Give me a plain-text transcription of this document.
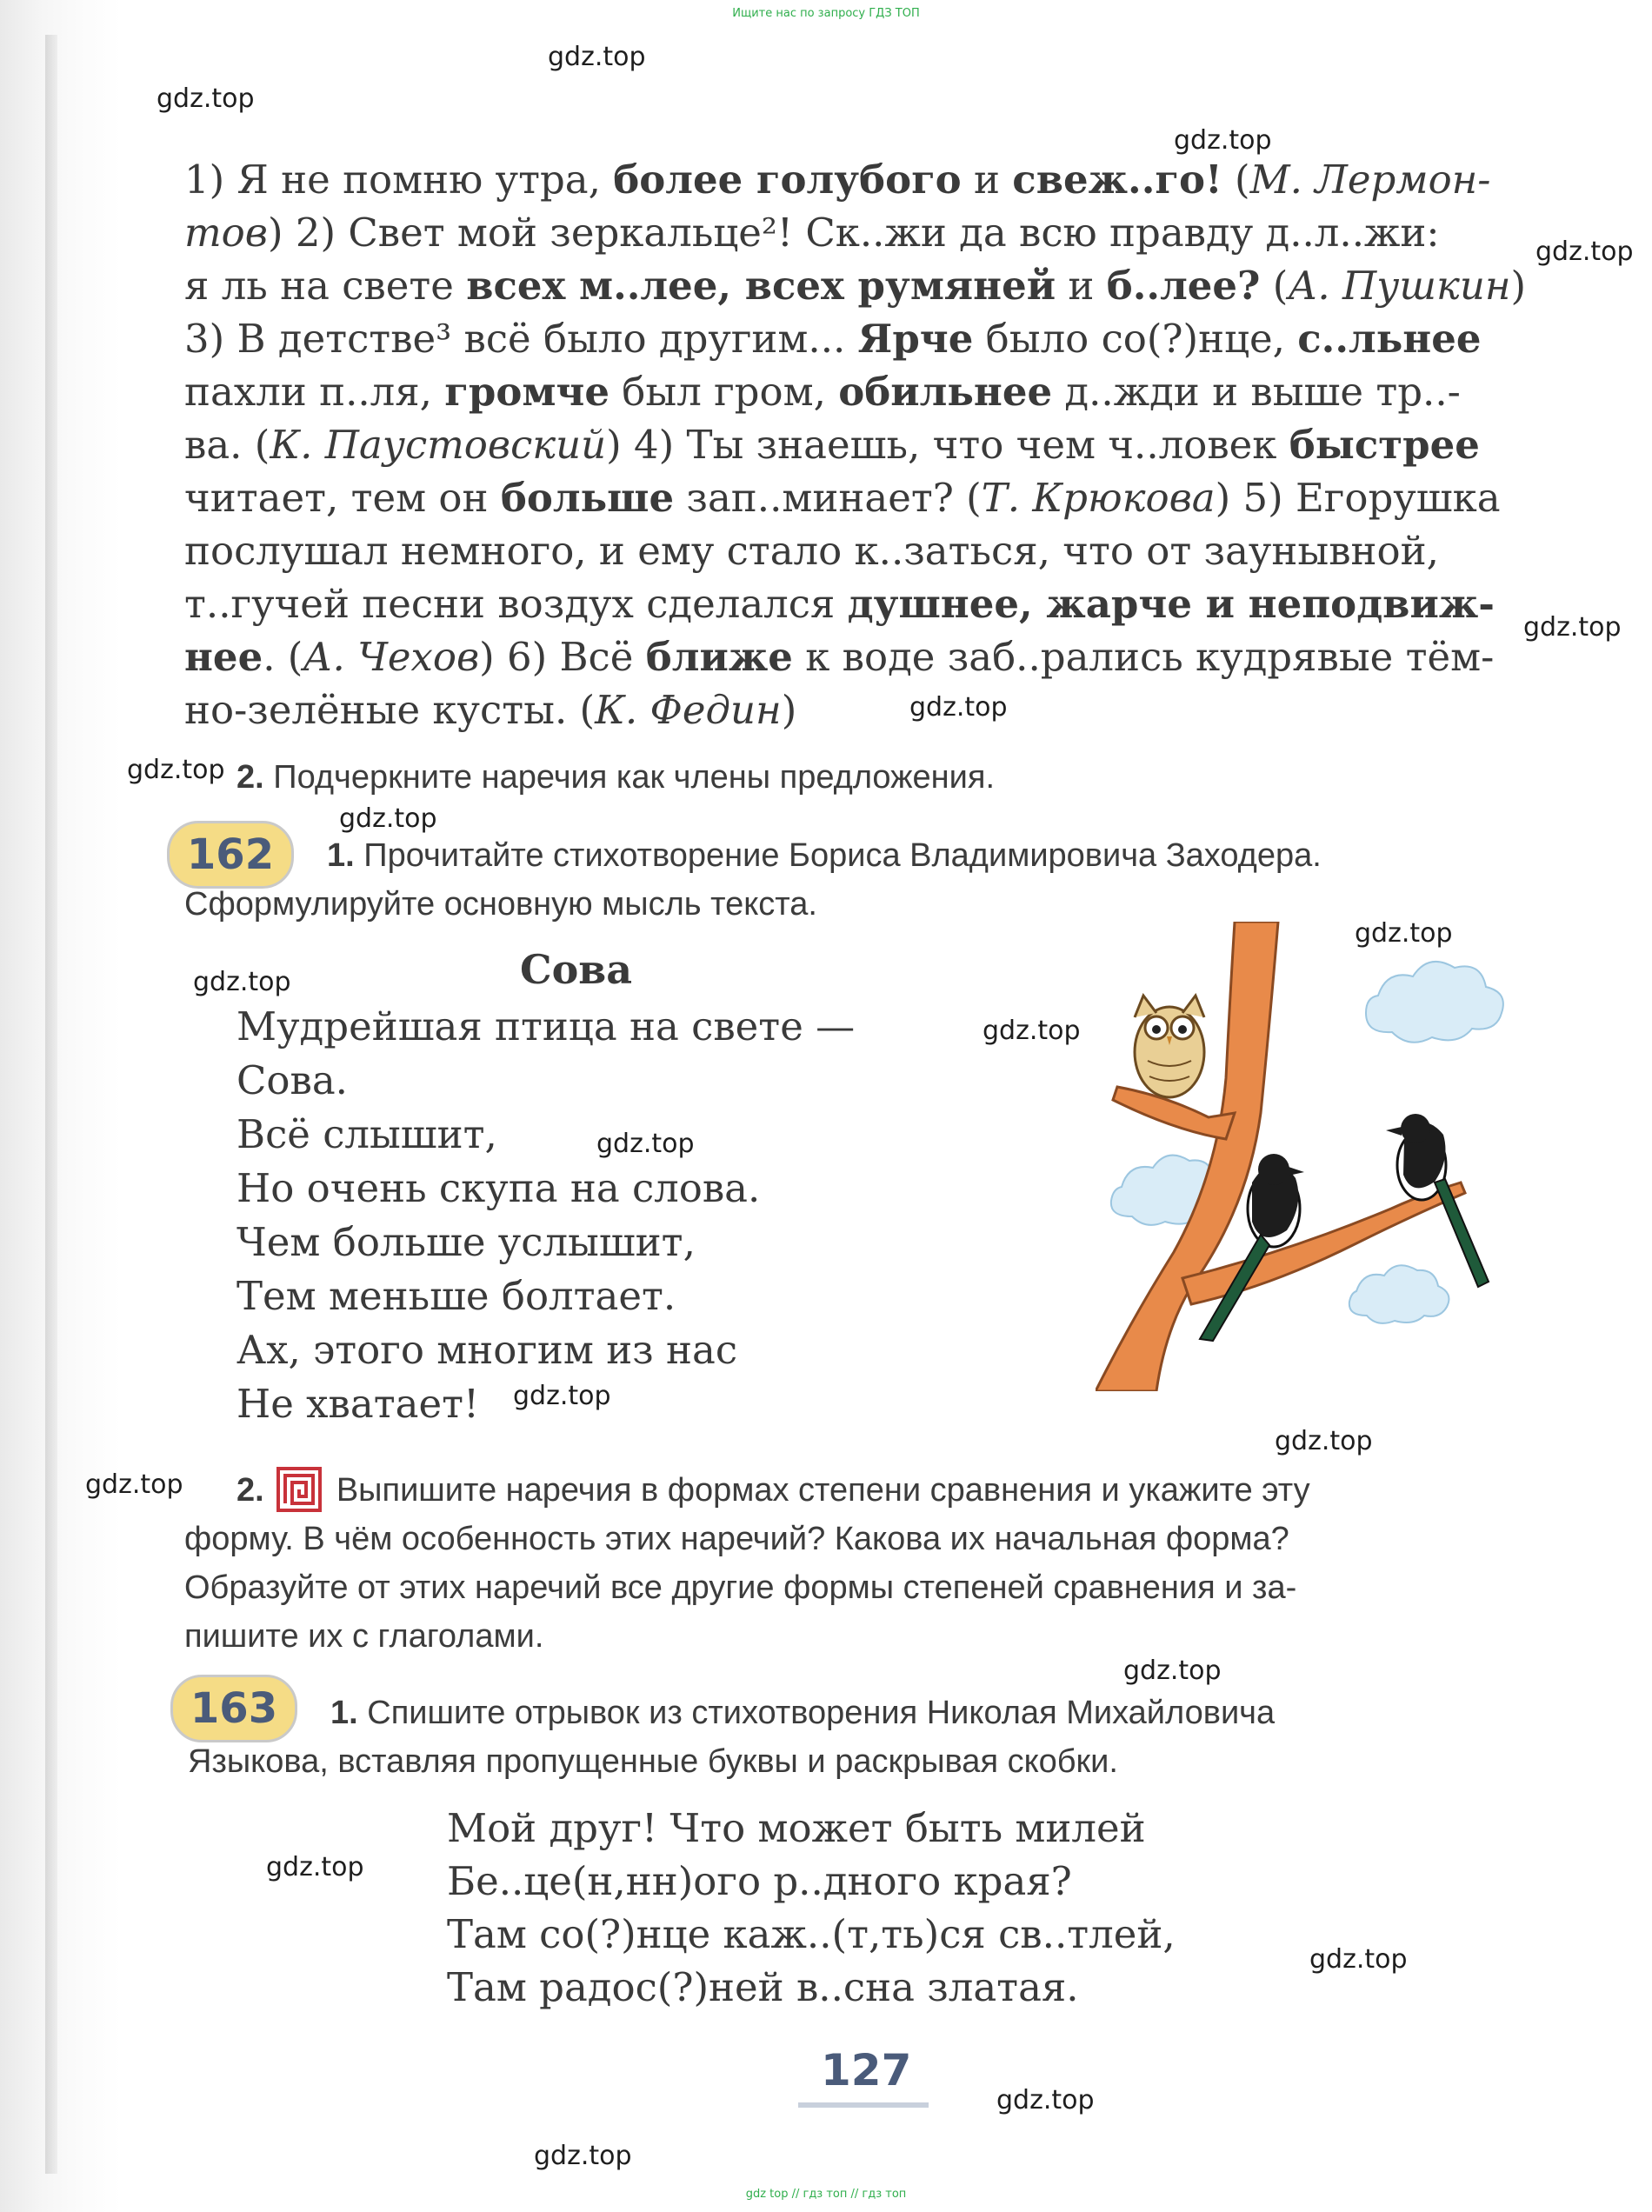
Ищите нас по запросу ГДЗ ТОП
1) Я не помню утра, более голубого и свеж..го! (М. Лермон-
тов) 2) Свет мой зеркальце²! Ск..жи да всю правду д..л..жи:
я ль на свете всех м..лее, всех румяней и б..лее? (А. Пушкин)
3) В детстве³ всё было другим... Ярче было со(?)нце, с..льнее
пахли п..ля, громче был гром, обильнее д..жди и выше тр..-
ва. (К. Паустовский) 4) Ты знаешь, что чем ч..ловек быстрее
читает, тем он больше зап..минает? (Т. Крюкова) 5) Егорушка
послушал немного, и ему стало к..заться, что от заунывной,
т..гучей песни воздух сделался душнее, жарче и неподвиж-
нее. (А. Чехов) 6) Всё ближе к воде заб..рались кудрявые тём-
но-зелёные кусты. (К. Федин)
2. Подчеркните наречия как члены предложения.
162	1. Прочитайте стихотворение Бориса Владимировича Заходера.
Сформулируйте основную мысль текста.
Сова
Мудрейшая птица на свете —
Сова.
Всё слышит,
Но очень скупа на слова.
Чем больше услышит,
Тем меньше болтает.
Ах, этого многим из нас
Не хватает!
2. Выпишите наречия в формах степени сравнения и укажите эту
форму. В чём особенность этих наречий? Какова их начальная форма?
Образуйте от этих наречий все другие формы степеней сравнения и за-
пишите их с глаголами.
163	1. Спишите отрывок из стихотворения Николая Михайловича
Языкова, вставляя пропущенные буквы и раскрывая скобки.
Мой друг! Что может быть милей
Бе..це(н,нн)ого р..дного края?
Там со(?)нце каж..(т,ть)ся св..тлей,
Там радос(?)ней в..сна златая.
127
gdz.top
gdz.top
gdz.top
gdz.top
gdz.top
gdz.top
gdz.top
gdz.top
gdz.top
gdz.top
gdz.top
gdz.top
gdz.top
gdz.top
gdz.top
gdz.top
gdz.top
gdz.top
gdz.top
gdz.top
gdz top // гдз топ // гдз топ
